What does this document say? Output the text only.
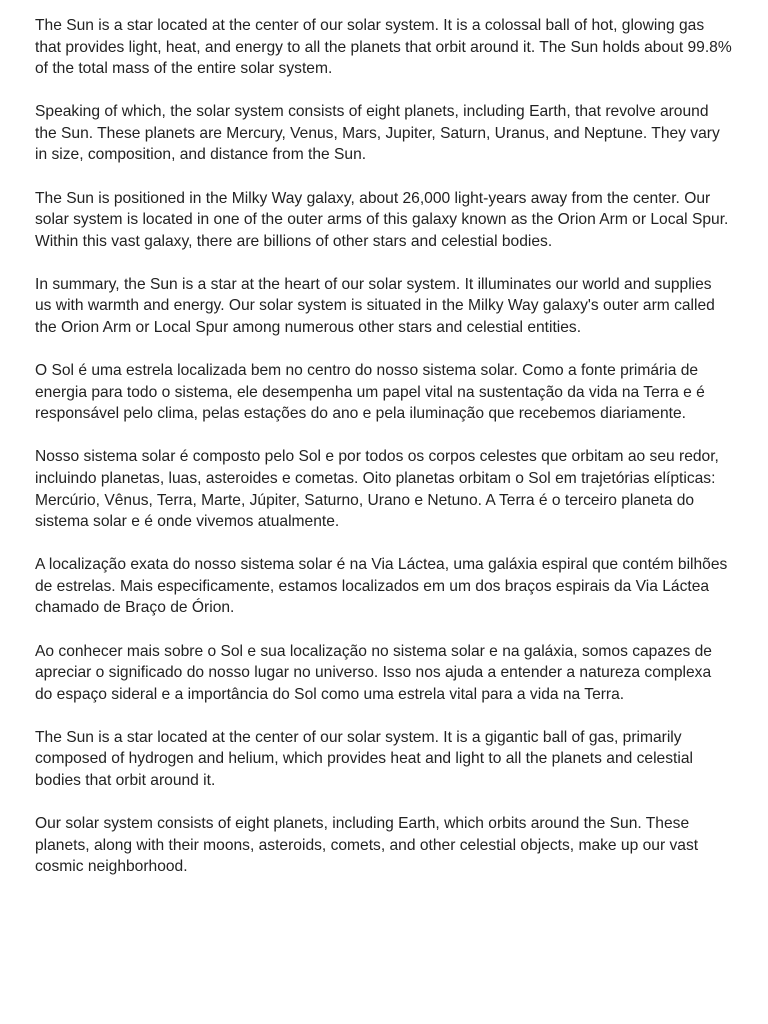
The Sun is a star located at the center of our solar system. It is a colossal ball of hot, glowing gas that provides light, heat, and energy to all the planets that orbit around it. The Sun holds about 99.8% of the total mass of the entire solar system.

Speaking of which, the solar system consists of eight planets, including Earth, that revolve around the Sun. These planets are Mercury, Venus, Mars, Jupiter, Saturn, Uranus, and Neptune. They vary in size, composition, and distance from the Sun.

The Sun is positioned in the Milky Way galaxy, about 26,000 light-years away from the center. Our solar system is located in one of the outer arms of this galaxy known as the Orion Arm or Local Spur. Within this vast galaxy, there are billions of other stars and celestial bodies.

In summary, the Sun is a star at the heart of our solar system. It illuminates our world and supplies us with warmth and energy. Our solar system is situated in the Milky Way galaxy's outer arm called the Orion Arm or Local Spur among numerous other stars and celestial entities.

O Sol é uma estrela localizada bem no centro do nosso sistema solar. Como a fonte primária de energia para todo o sistema, ele desempenha um papel vital na sustentação da vida na Terra e é responsável pelo clima, pelas estações do ano e pela iluminação que recebemos diariamente.

Nosso sistema solar é composto pelo Sol e por todos os corpos celestes que orbitam ao seu redor, incluindo planetas, luas, asteroides e cometas. Oito planetas orbitam o Sol em trajetórias elípticas: Mercúrio, Vênus, Terra, Marte, Júpiter, Saturno, Urano e Netuno. A Terra é o terceiro planeta do sistema solar e é onde vivemos atualmente.

A localização exata do nosso sistema solar é na Via Láctea, uma galáxia espiral que contém bilhões de estrelas. Mais especificamente, estamos localizados em um dos braços espirais da Via Láctea chamado de Braço de Órion.

Ao conhecer mais sobre o Sol e sua localização no sistema solar e na galáxia, somos capazes de apreciar o significado do nosso lugar no universo. Isso nos ajuda a entender a natureza complexa do espaço sideral e a importância do Sol como uma estrela vital para a vida na Terra.

The Sun is a star located at the center of our solar system. It is a gigantic ball of gas, primarily composed of hydrogen and helium, which provides heat and light to all the planets and celestial bodies that orbit around it.

Our solar system consists of eight planets, including Earth, which orbits around the Sun. These planets, along with their moons, asteroids, comets, and other celestial objects, make up our vast cosmic neighborhood.
